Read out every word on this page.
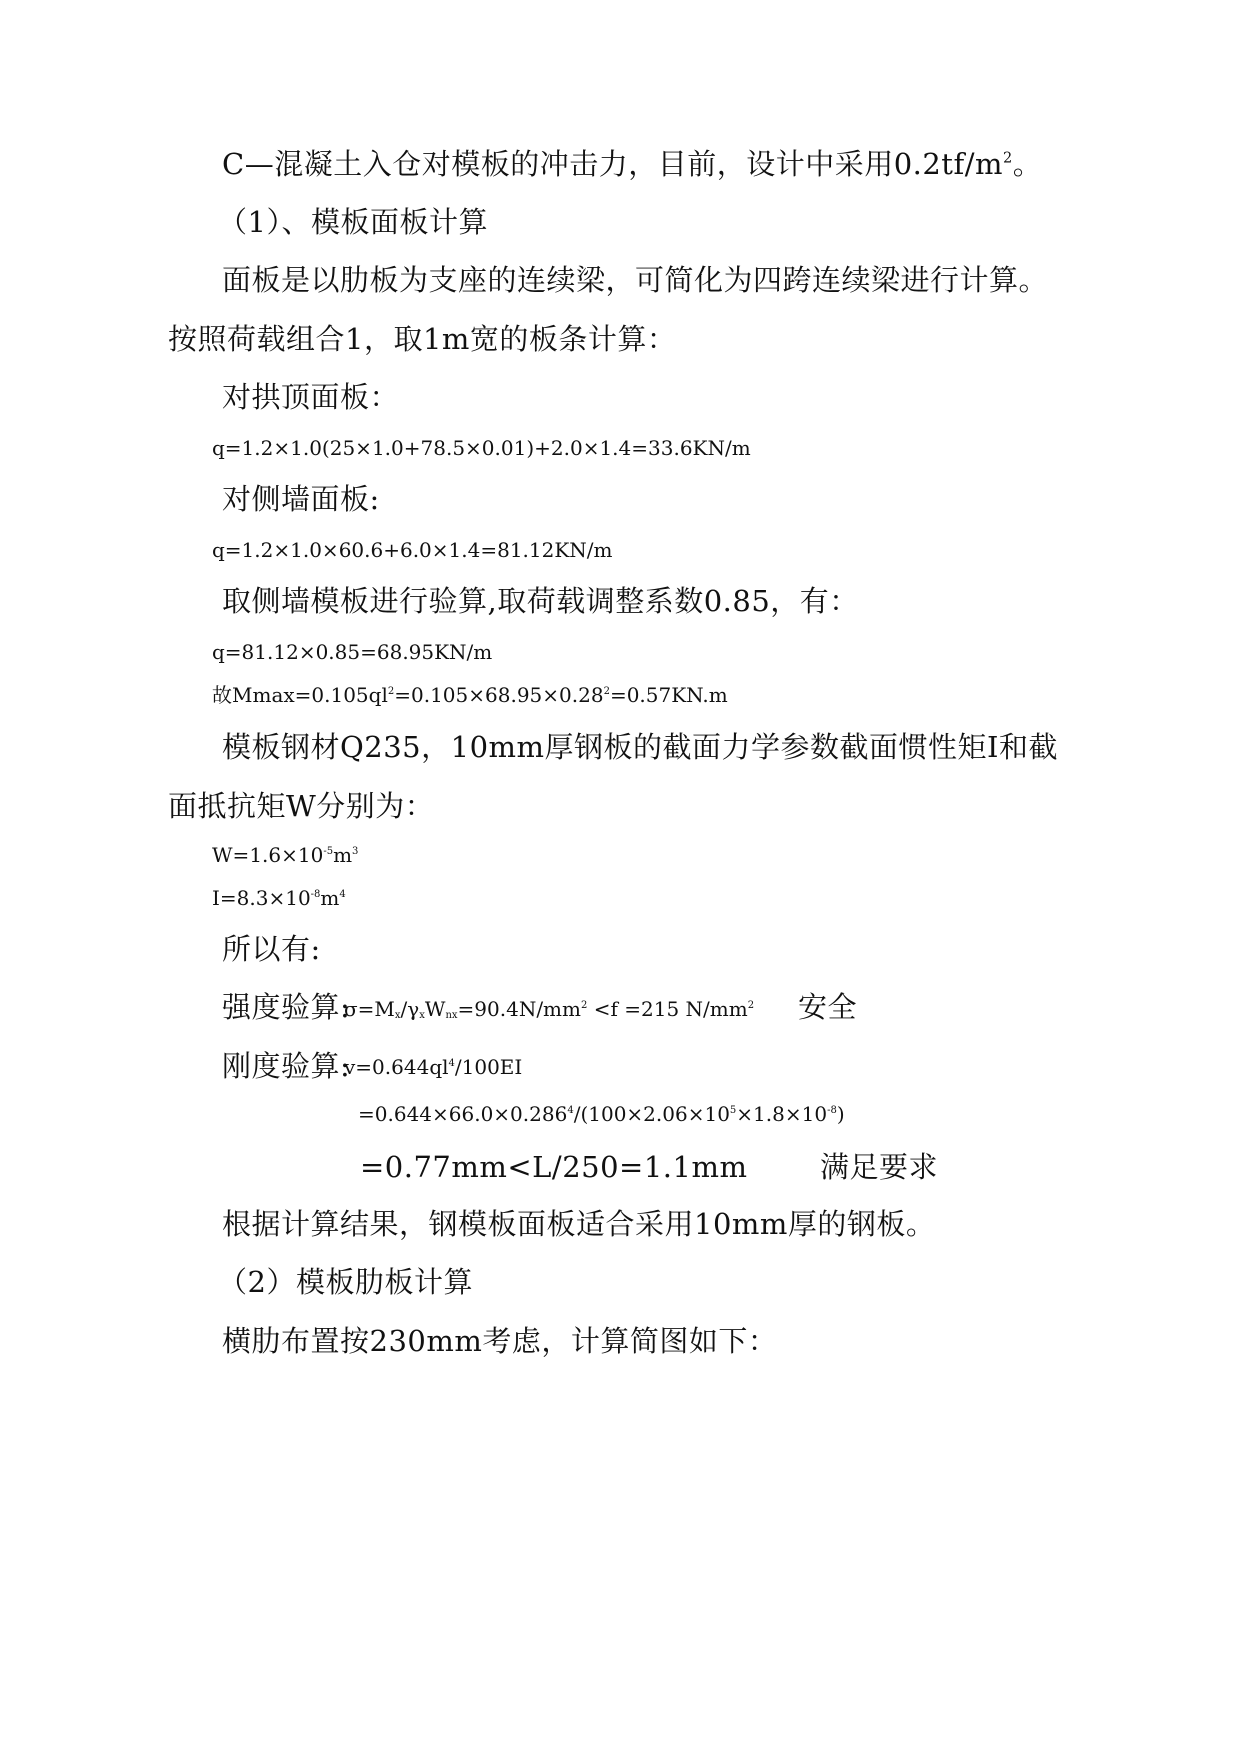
C—混凝土入仓对模板的冲击力，目前，设计中采用$0.2tf/m^2$。
（1）、模板面板计算
面板是以肋板为支座的连续梁，可简化为四跨连续梁进行计算。
按照荷载组合1，取1m宽的板条计算：
对拱顶面板：
q=1.2×1.0(25×1.0+78.5×0.01)+2.0×1.4=33.6KN/m
对侧墙面板:
q=1.2×1.0×60.6+6.0×1.4=81.12KN/m
取侧墙模板进行验算,取荷载调整系数0.85，有：
q=81.12×0.85=68.95KN/m
故$Mmax=0.105ql^2=0.105\times 68.95\times 0.28^2=0.57KN.m$
模板钢材Q235，10mm厚钢板的截面力学参数截面惯性矩I和截
面抵抗矩W分别为：
$W=1.6\times 10^{-5}m^3$
$I=8.3\times 10^{-8}m^4$
所以有:
强度验算:
$\sigma=M_x/\gamma_xW_{nx}=90.4N/mm^2 <f =215$ $N/mm^2$ 安全
刚度验算:
$v=0.644ql^4/100EI$
$=0.644\times 66.0\times 0.286^4/(100\times 2.06\times 10^5\times 1.8\times 10^{-8})$
=0.77mm<L/250=1.1mm	满足要求
根据计算结果，钢模板面板适合采用10mm厚的钢板。
（2）模板肋板计算
横肋布置按230mm考虑，计算简图如下：
